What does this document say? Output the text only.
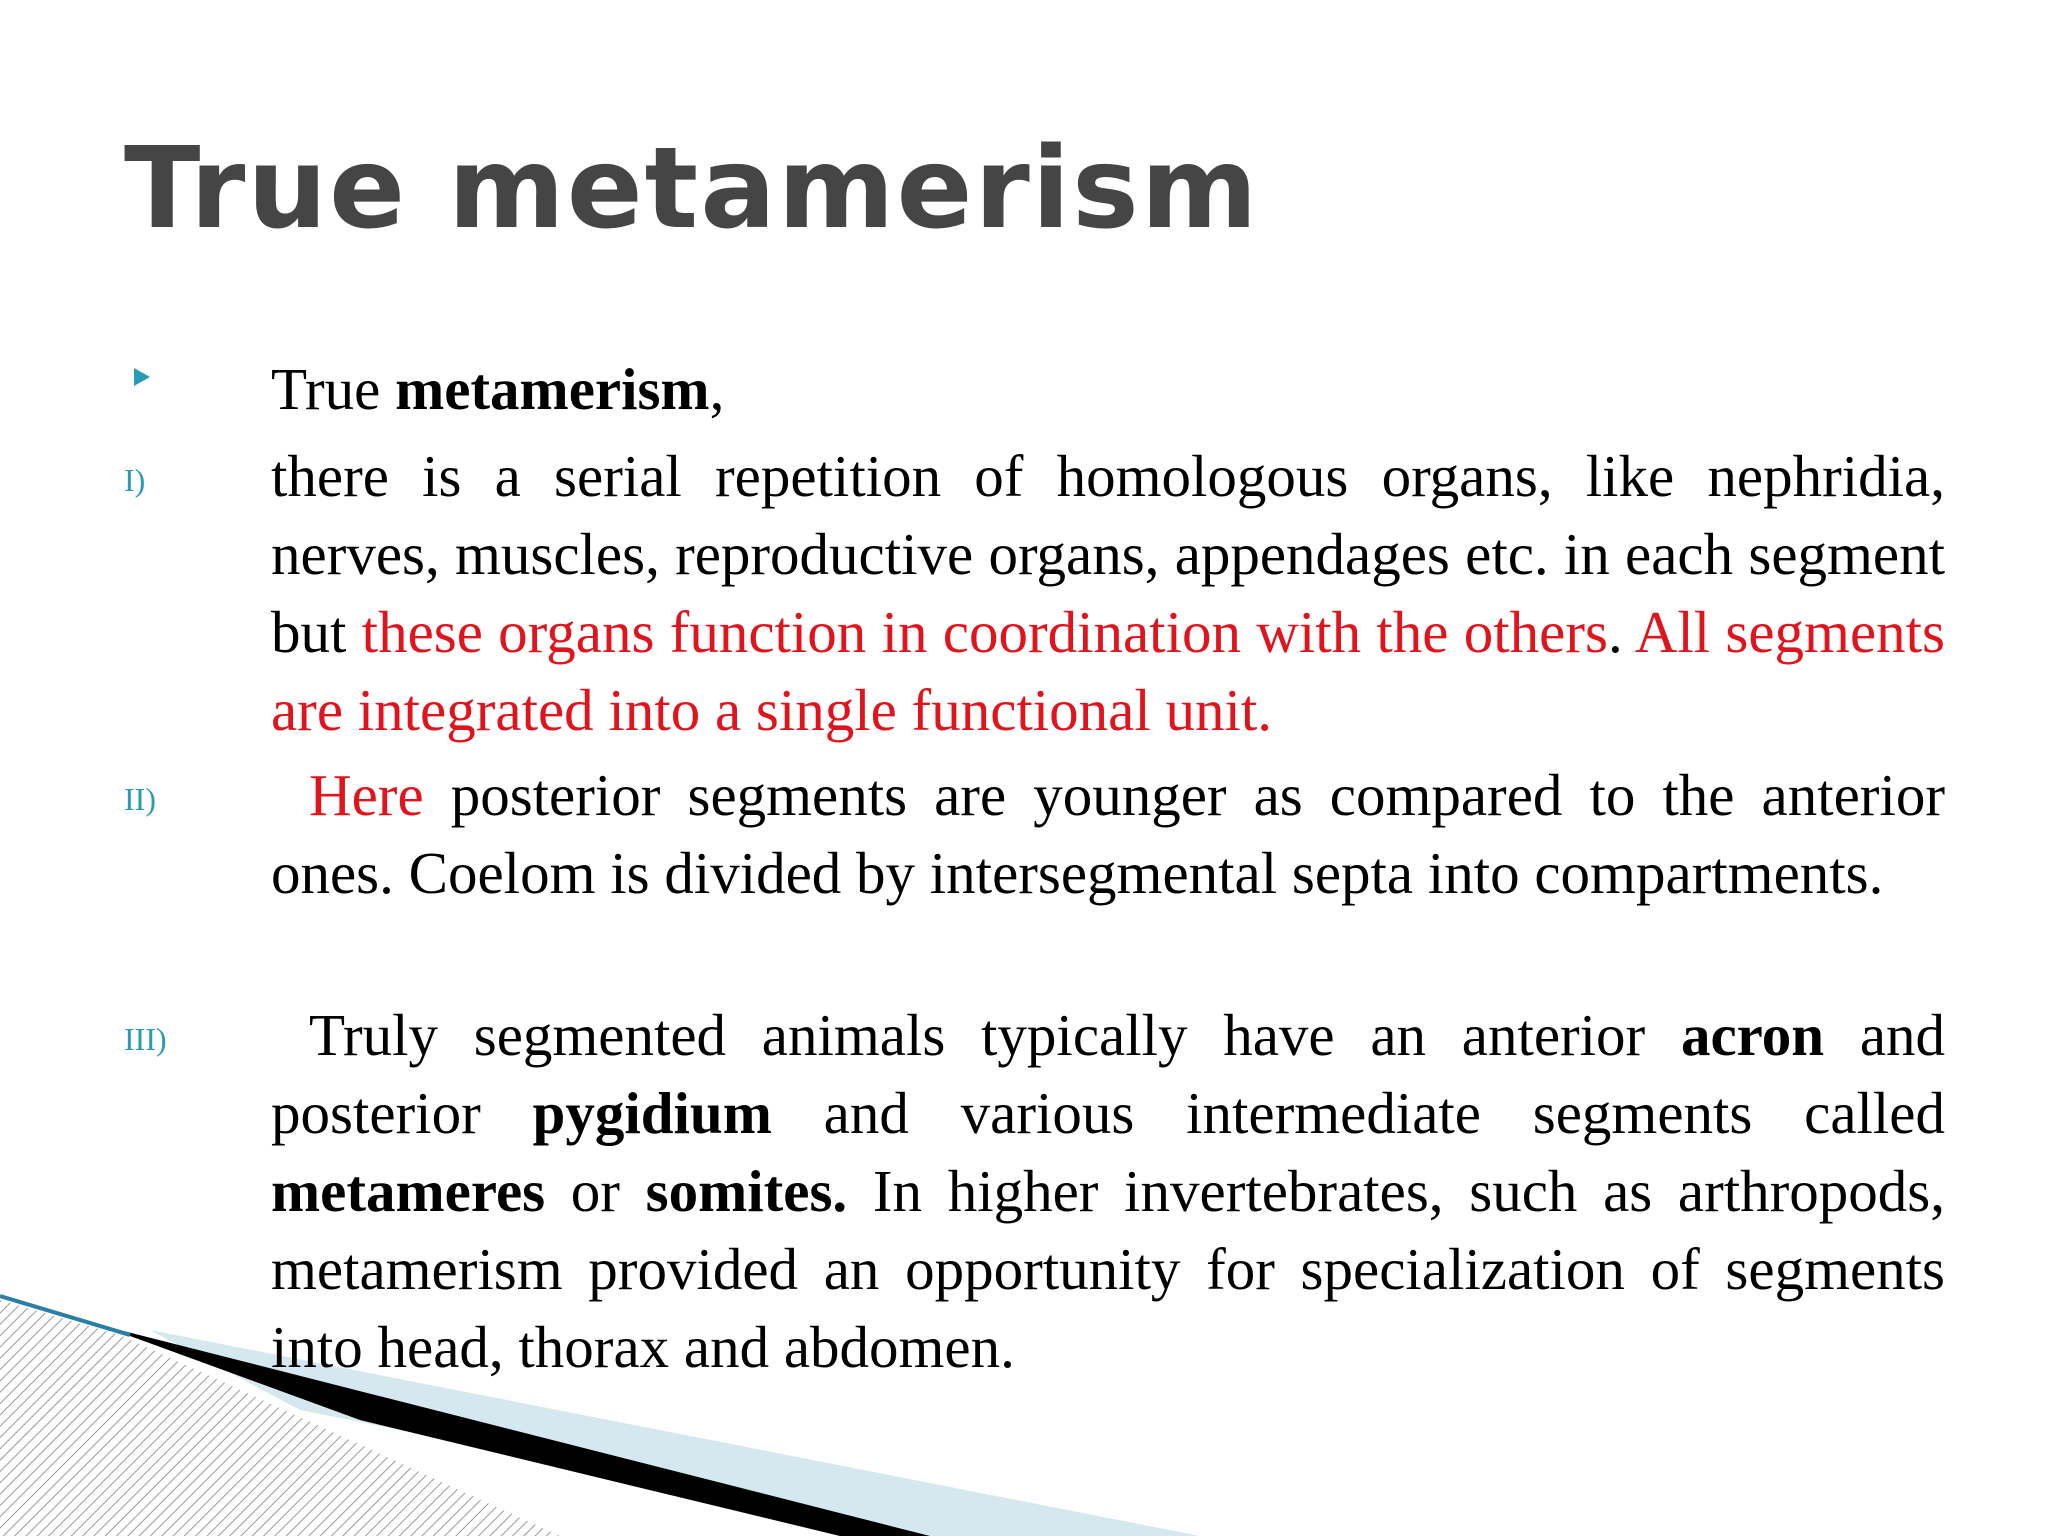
True metamerism
True metamerism,
I) there is a serial repetition of homologous organs, like nephridia, nerves, muscles, reproductive organs, appendages etc. in each segment but these organs function in coordination with the others. All segments are integrated into a single functional unit.
II)	Here posterior segments are younger as compared to the anterior ones. Coelom is divided by intersegmental septa into compartments.
III)	Truly segmented animals typically have an anterior acron and posterior pygidium and various intermediate segments called metameres or somites. In higher invertebrates, such as arthropods, metamerism provided an opportunity for specialization of segments into head, thorax and abdomen.
